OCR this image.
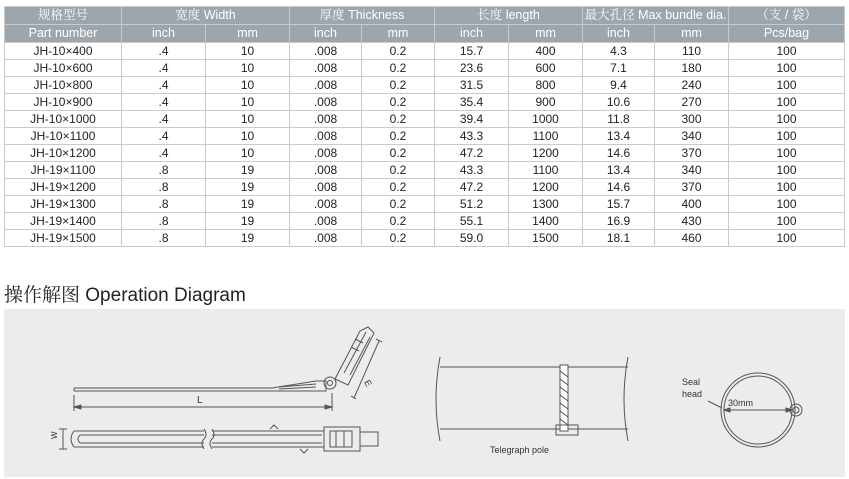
规格型号	宽度 Width		厚度 Thickness		长度 length		最大孔径 Max bundle dia.		（支 / 袋）
Part number	inch	mm	inch	mm	inch	mm	inch	mm	Pcs/bag
JH-10×400	.4	10	.008	0.2	15.7	400	4.3	110	100
JH-10×600	.4	10	.008	0.2	23.6	600	7.1	180	100
JH-10×800	.4	10	.008	0.2	31.5	800	9.4	240	100
JH-10×900	.4	10	.008	0.2	35.4	900	10.6	270	100
JH-10×1000	.4	10	.008	0.2	39.4	1000	11.8	300	100
JH-10×1100	.4	10	.008	0.2	43.3	1100	13.4	340	100
JH-10×1200	.4	10	.008	0.2	47.2	1200	14.6	370	100
JH-19×1100	.8	19	.008	0.2	43.3	1100	13.4	340	100
JH-19×1200	.8	19	.008	0.2	47.2	1200	14.6	370	100
JH-19×1300	.8	19	.008	0.2	51.2	1300	15.7	400	100
JH-19×1400	.8	19	.008	0.2	55.1	1400	16.9	430	100
JH-19×1500	.8	19	.008	0.2	59.0	1500	18.1	460	100
操作解图 Operation Diagram
E
L
W
Telegraph pole
Seal
head
30mm
